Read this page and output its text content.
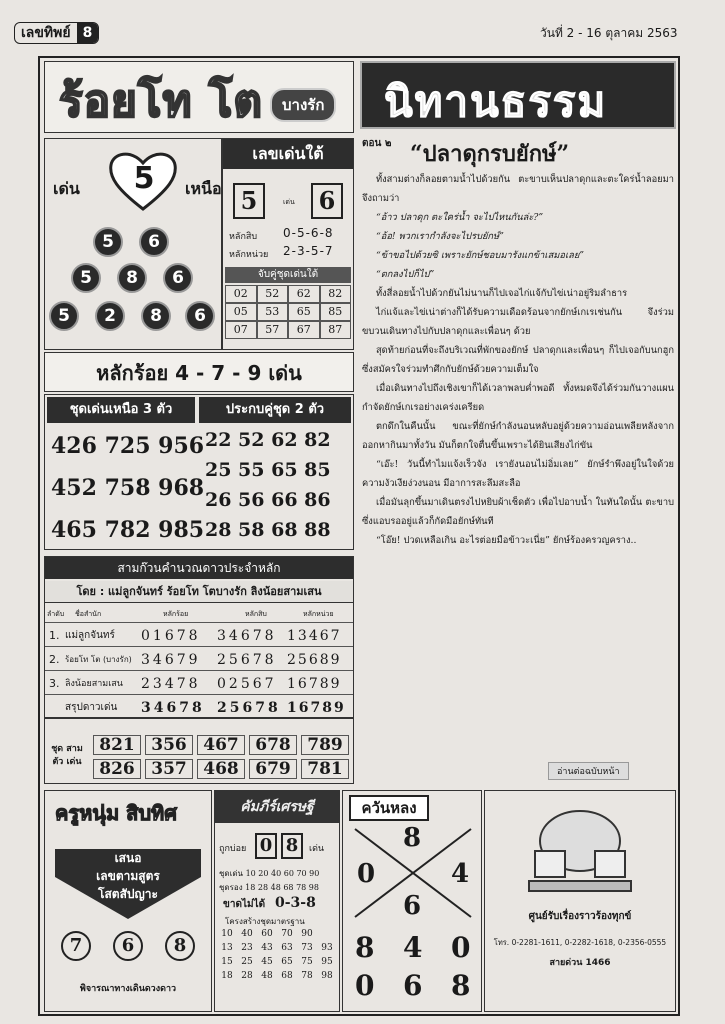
เลขทิพย์ 8	วันที่ 2 - 16 ตุลาคม 2563
ร้อยโท โต	บางรัก
เด่น 5	เหนือ
5	6
5	8	6
5	2	8	6
เลขเด่นใต้
5	เด่น 6
หลักสิบ 0-5-6-8
หลักหน่วย 2-3-5-7
จับคู่ชุดเด่นใต้
02	52	62	82
05	53	65	85
07	57	67	87
หลักร้อย 4 - 7 - 9 เด่น
ชุดเด่นเหนือ 3 ตัว	ประกบคู่ชุด 2 ตัว
426 725 956
452 758 968
465 782 985
22 52 62 82
25 55 65 85
26 56 66 86
28 58 68 88
สามก๊วนคำนวณดาวประจำหลัก
โดย : แม่ลูกจันทร์ ร้อยโท โตบางรัก ลิงน้อยสามเสน
ลำดับ ชื่อสำนัก	หลักร้อย	หลักสิบ	หลักหน่วย
1. แม่ลูกจันทร์ 01678 34678 13467
2. ร้อยโท โต (บางรัก) 34679 25678 25689
3. ลิงน้อยสามเสน 23478 02567 16789
สรุปดาวเด่น 34678 25678 16789
ชุด สามตัว เด่น
821 356 467 678 789
826 357 468 679 781
นิทานธรรม
ตอน ๒ “ปลาดุกรบยักษ์”

ทั้งสามต่างก็ลอยตามน้ำไปด้วยกัน ตะขาบเห็นปลาดุกและตะใคร่น้ำลอยมาจึงถามว่า

“อ้าว ปลาดุก ตะใคร่น้ำ จะไปไหนกันล่ะ?”

“อ้อ! พวกเรากำลังจะไปรบยักษ์”

“ข้าขอไปด้วยซิ เพราะยักษ์ชอบมารังแกข้าเสมอเลย”

“ตกลงไปก็ไป”

ทั้งสี่ลอยน้ำไปด้วกยันไม่นานก็ไปเจอไก่แจ้กับไข่เน่าอยู่ริมลำธาร

ไก่แจ้และไข่เน่าต่างก็ได้รับความเดือดร้อนจากยักษ์เกเรเช่นกัน จึงร่วมขบวนเดินทางไปกับปลาดุกและเพื่อนๆ ด้วย

สุดท้ายก่อนที่จะถึงบริเวณที่พักของยักษ์ ปลาดุกและเพื่อนๆ ก็ไปเจอกับนกฮูกซึ่งสมัครใจร่วมทำศึกกับยักษ์ด้วยความเต็มใจ

เมื่อเดินทางไปถึงเชิงเขาก็ได้เวลาพลบค่ำพอดี ทั้งหมดจึงได้ร่วมกันวางแผนกำจัดยักษ์เกเรอย่างเคร่งเครียด

ตกดึกในคืนนั้น ขณะที่ยักษ์กำลังนอนหลับอยู่ด้วยความอ่อนเพลียหลังจากออกหากินมาทั้งวัน มันก็ตกใจตื่นขึ้นเพราะได้ยินเสียงไก่ขัน

“เอ๊ะ! วันนี้ทำไมแจ้งเร็วจัง เรายังนอนไม่อิ่มเลย” ยักษ์รำพึงอยู่ในใจด้วยความงัวเงียง่วงนอน มีอาการสะลึมสะลือ

เมื่อมันลุกขึ้นมาเดินตรงไปหยิบผ้าเช็ดตัว เพื่อไปอาบน้ำ ในทันใดนั้น ตะขาบซึ่งแอบรออยู่แล้วก็กัดมือยักษ์ทันที

“โอ๊ย! ปวดเหลือเกิน อะไรต่อยมือข้าวะเนี่ย” ยักษ์ร้องครวญคราง..

อ่านต่อฉบับหน้า
ครูหนุ่ม สิบทิศ
เสนอ
เลขตามสูตร
โสตสัปญาะ
7	6	8
พิจารณาทางเดินดวงดาว
คัมภีร์เศรษฐี
ถูกบ่อย 0 8	เด่น
ชุดเด่น 10 20 40 60 70 90
ชุดรอง 18 28 48 68 78 98
ขาดไม่ได้ 0-3-8
โครงสร้างชุดมาตรฐาน
10 40 60 70 90
13 23 43 63 73 93
15 25 45 65 75 95
18 28 48 68 78 98
ควันหลง
8
0	4
6
8 4 0
0 6 8
ศูนย์รับเรื่องราวร้องทุกข์
โทร. 0-2281-1611, 0-2282-1618, 0-2356-0555
สายด่วน 1466
